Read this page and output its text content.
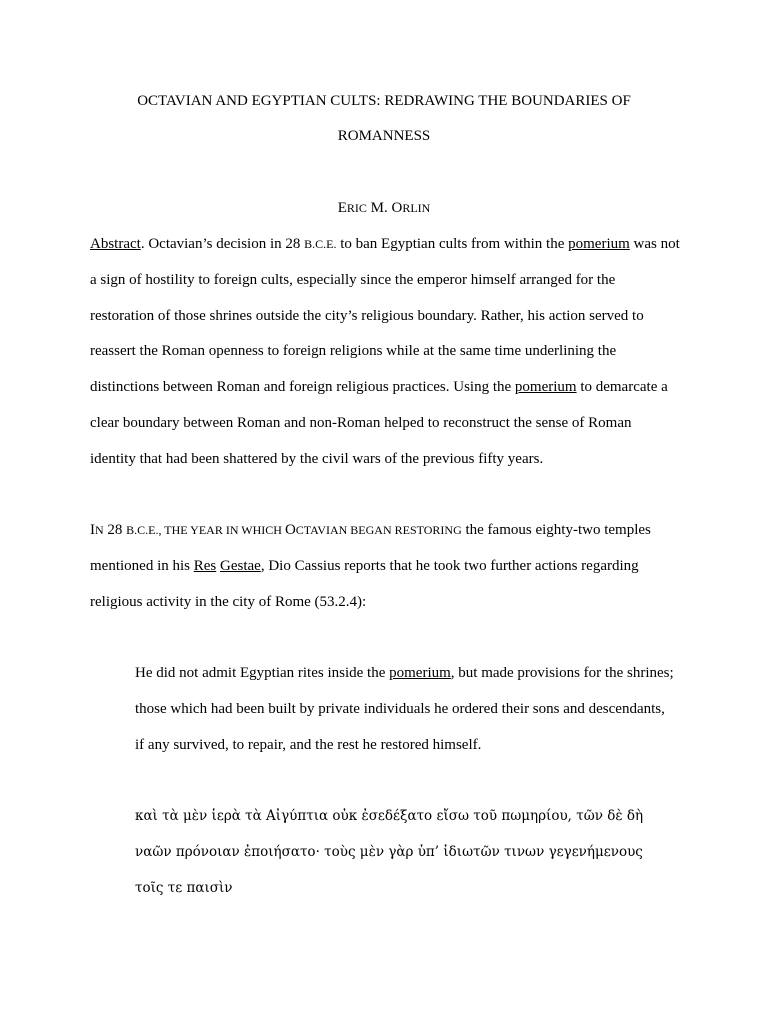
OCTAVIAN AND EGYPTIAN CULTS: REDRAWING THE BOUNDARIES OF
ROMANNESS
ERIC M. ORLIN
Abstract. Octavian’s decision in 28 B.C.E. to ban Egyptian cults from within the pomerium was not a sign of hostility to foreign cults, especially since the emperor himself arranged for the restoration of those shrines outside the city’s religious boundary. Rather, his action served to reassert the Roman openness to foreign religions while at the same time underlining the distinctions between Roman and foreign religious practices. Using the pomerium to demarcate a clear boundary between Roman and non-Roman helped to reconstruct the sense of Roman identity that had been shattered by the civil wars of the previous fifty years.
IN 28 B.C.E., THE YEAR IN WHICH OCTAVIAN BEGAN RESTORING the famous eighty-two temples mentioned in his Res Gestae, Dio Cassius reports that he took two further actions regarding religious activity in the city of Rome (53.2.4):
He did not admit Egyptian rites inside the pomerium, but made provisions for the shrines; those which had been built by private individuals he ordered their sons and descendants, if any survived, to repair, and the rest he restored himself.
καὶ τὰ μὲν ἱερὰ τὰ Αἰγύπτια οὐκ ἐσεδέξατο εἴσω τοῦ πωμηρίου, τῶν δὲ δὴ ναῶν πρόνοιαν ἐποιήσατο· τοὺς μὲν γὰρ ὑπ’ ἰδιωτῶν τινων γεγενήμενους τοῖς τε παισὶν
